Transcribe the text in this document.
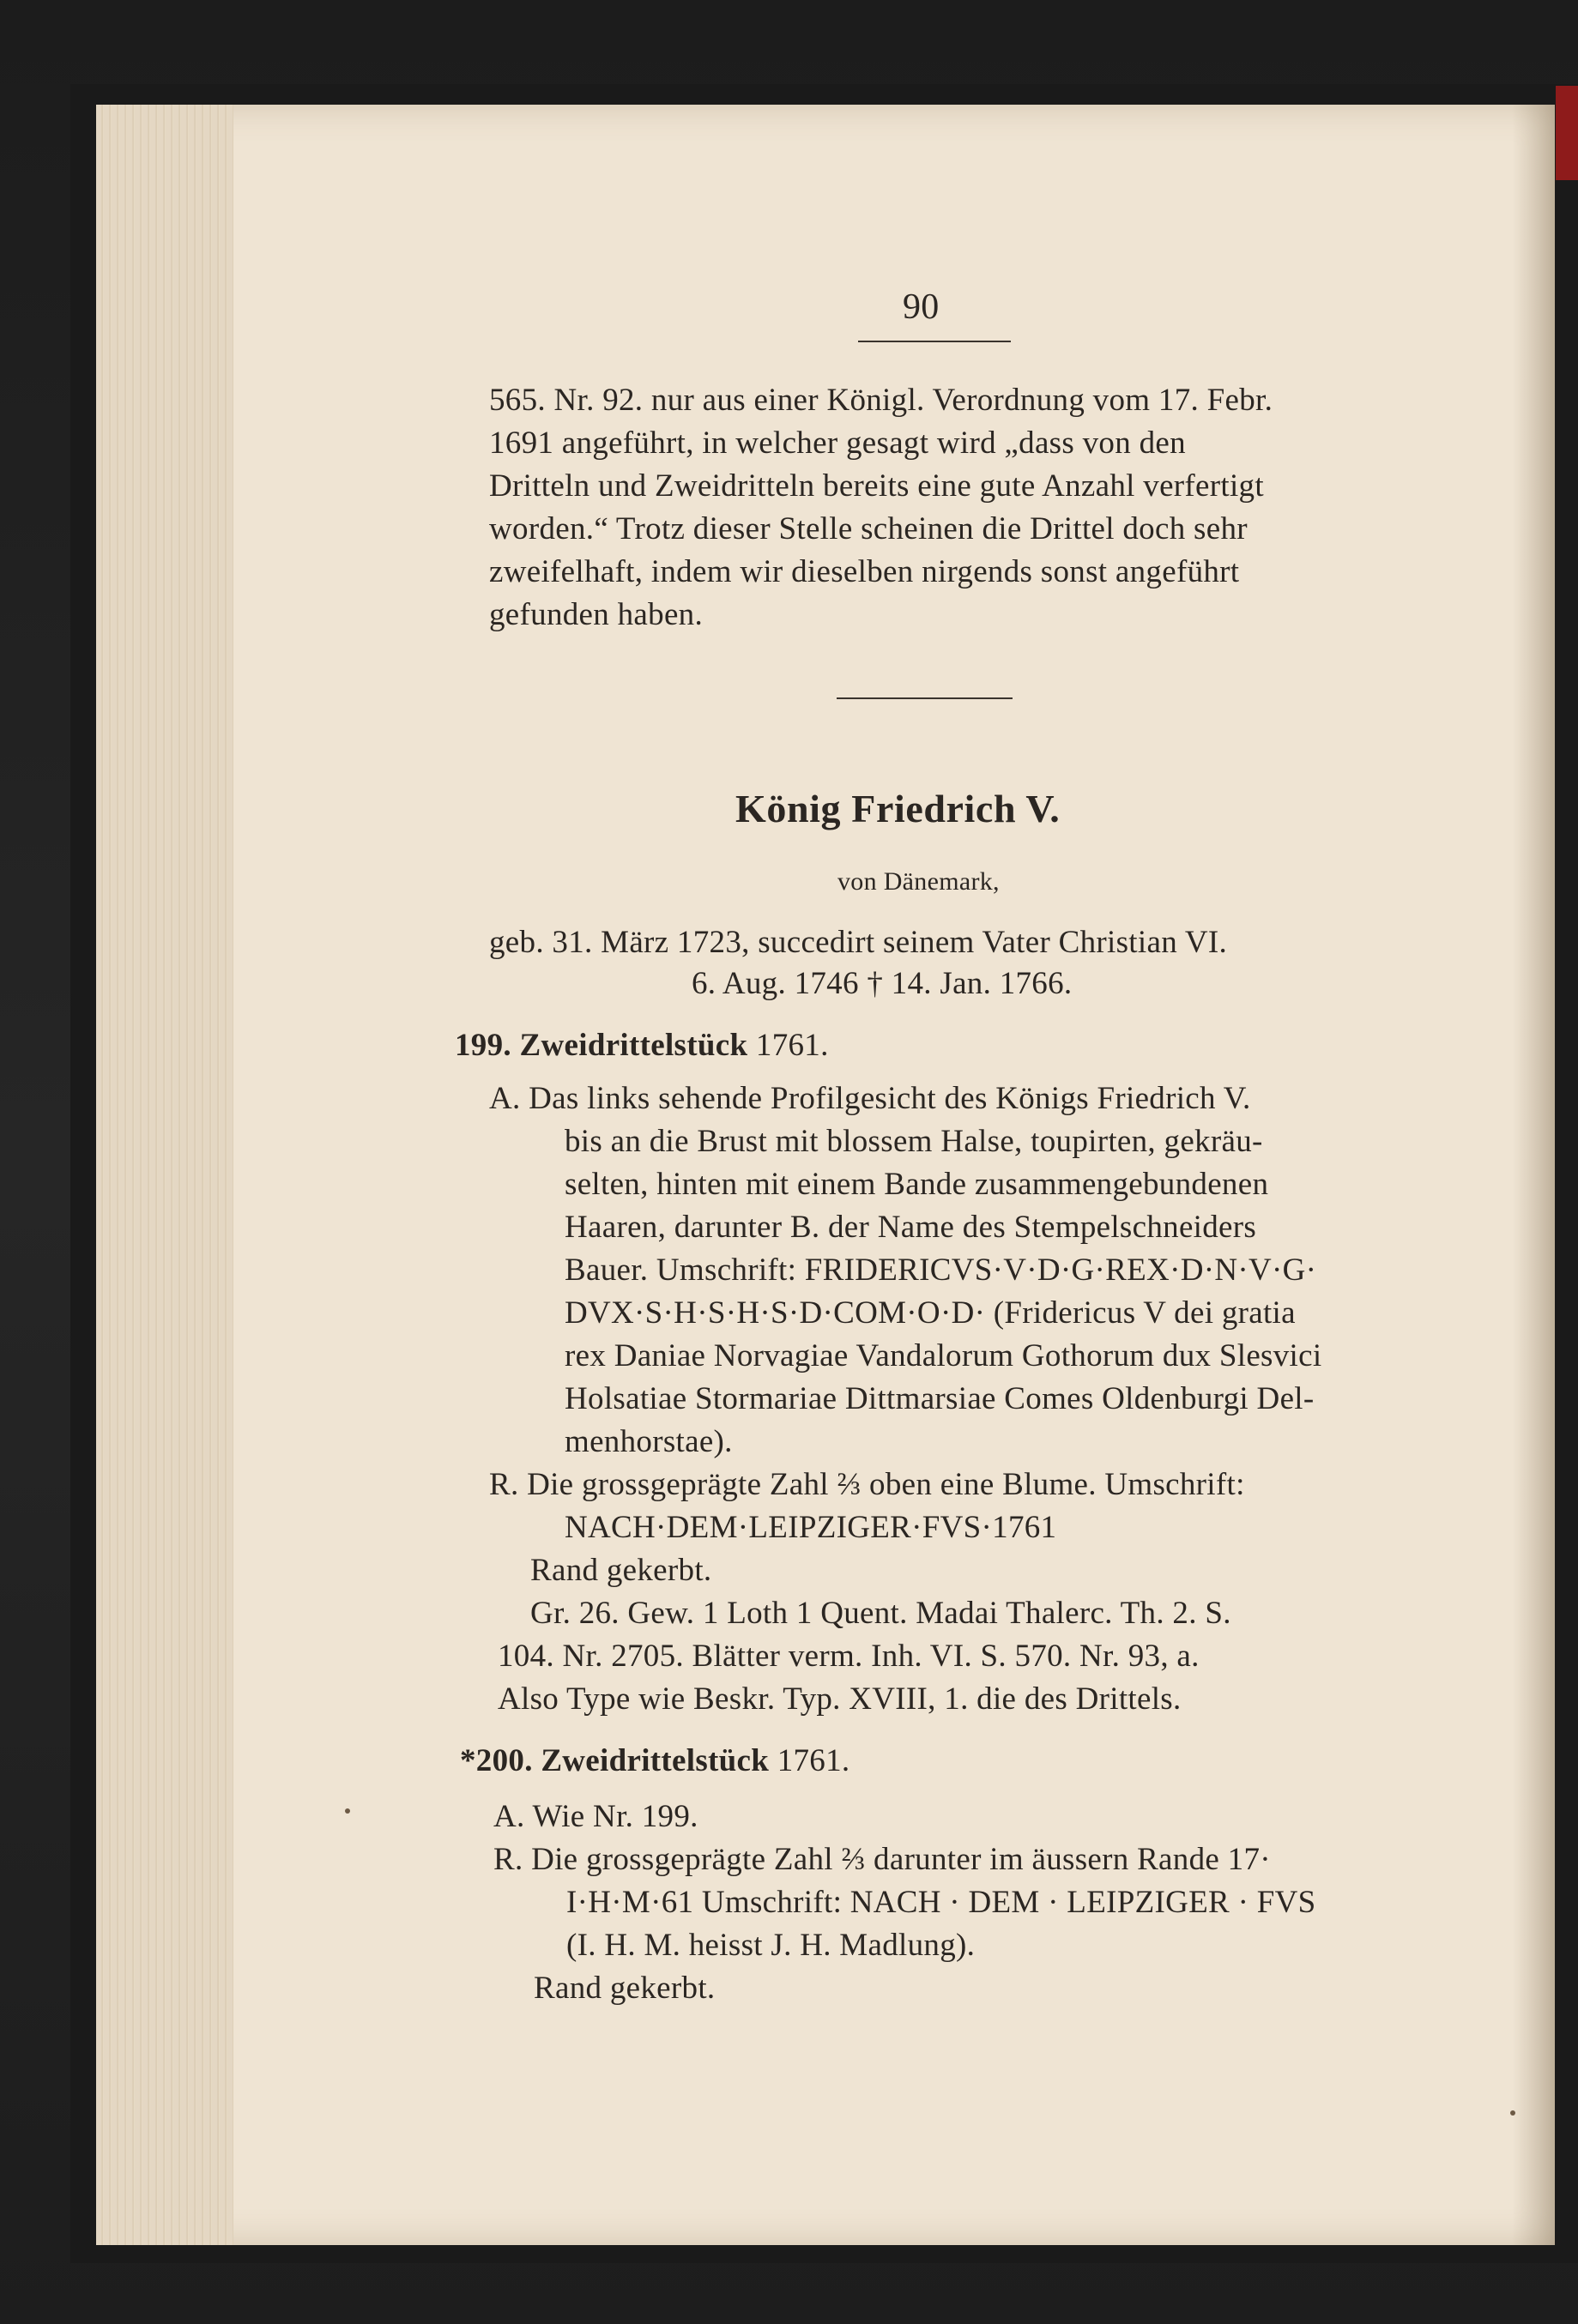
90
565. Nr. 92. nur aus einer Königl. Verordnung vom 17. Febr.
1691 angeführt, in welcher gesagt wird „dass von den
Dritteln und Zweidritteln bereits eine gute Anzahl verfertigt
worden.“ Trotz dieser Stelle scheinen die Drittel doch sehr
zweifelhaft, indem wir dieselben nirgends sonst angeführt
gefunden haben.
König Friedrich V.
von Dänemark,
geb. 31. März 1723, succedirt seinem Vater Christian VI.
6. Aug. 1746 † 14. Jan. 1766.
199. Zweidrittelstück 1761.
A. Das links sehende Profilgesicht des Königs Friedrich V.
bis an die Brust mit blossem Halse, toupirten, gekräu-
selten, hinten mit einem Bande zusammengebundenen
Haaren, darunter B. der Name des Stempelschneiders
Bauer. Umschrift: FRIDERICVS·V·D·G·REX·D·N·V·G·
DVX·S·H·S·H·S·D·COM·O·D· (Fridericus V dei gratia
rex Daniae Norvagiae Vandalorum Gothorum dux Slesvici
Holsatiae Stormariae Dittmarsiae Comes Oldenburgi Del-
menhorstae).
R. Die grossgeprägte Zahl ⅔ oben eine Blume. Umschrift:
NACH·DEM·LEIPZIGER·FVS·1761
Rand gekerbt.
Gr. 26. Gew. 1 Loth 1 Quent. Madai Thalerc. Th. 2. S.
104. Nr. 2705. Blätter verm. Inh. VI. S. 570. Nr. 93, a.
Also Type wie Beskr. Typ. XVIII, 1. die des Drittels.
*200. Zweidrittelstück 1761.
A. Wie Nr. 199.
R. Die grossgeprägte Zahl ⅔ darunter im äussern Rande 17·
I·H·M·61 Umschrift: NACH · DEM · LEIPZIGER · FVS
(I. H. M. heisst J. H. Madlung).
Rand gekerbt.
